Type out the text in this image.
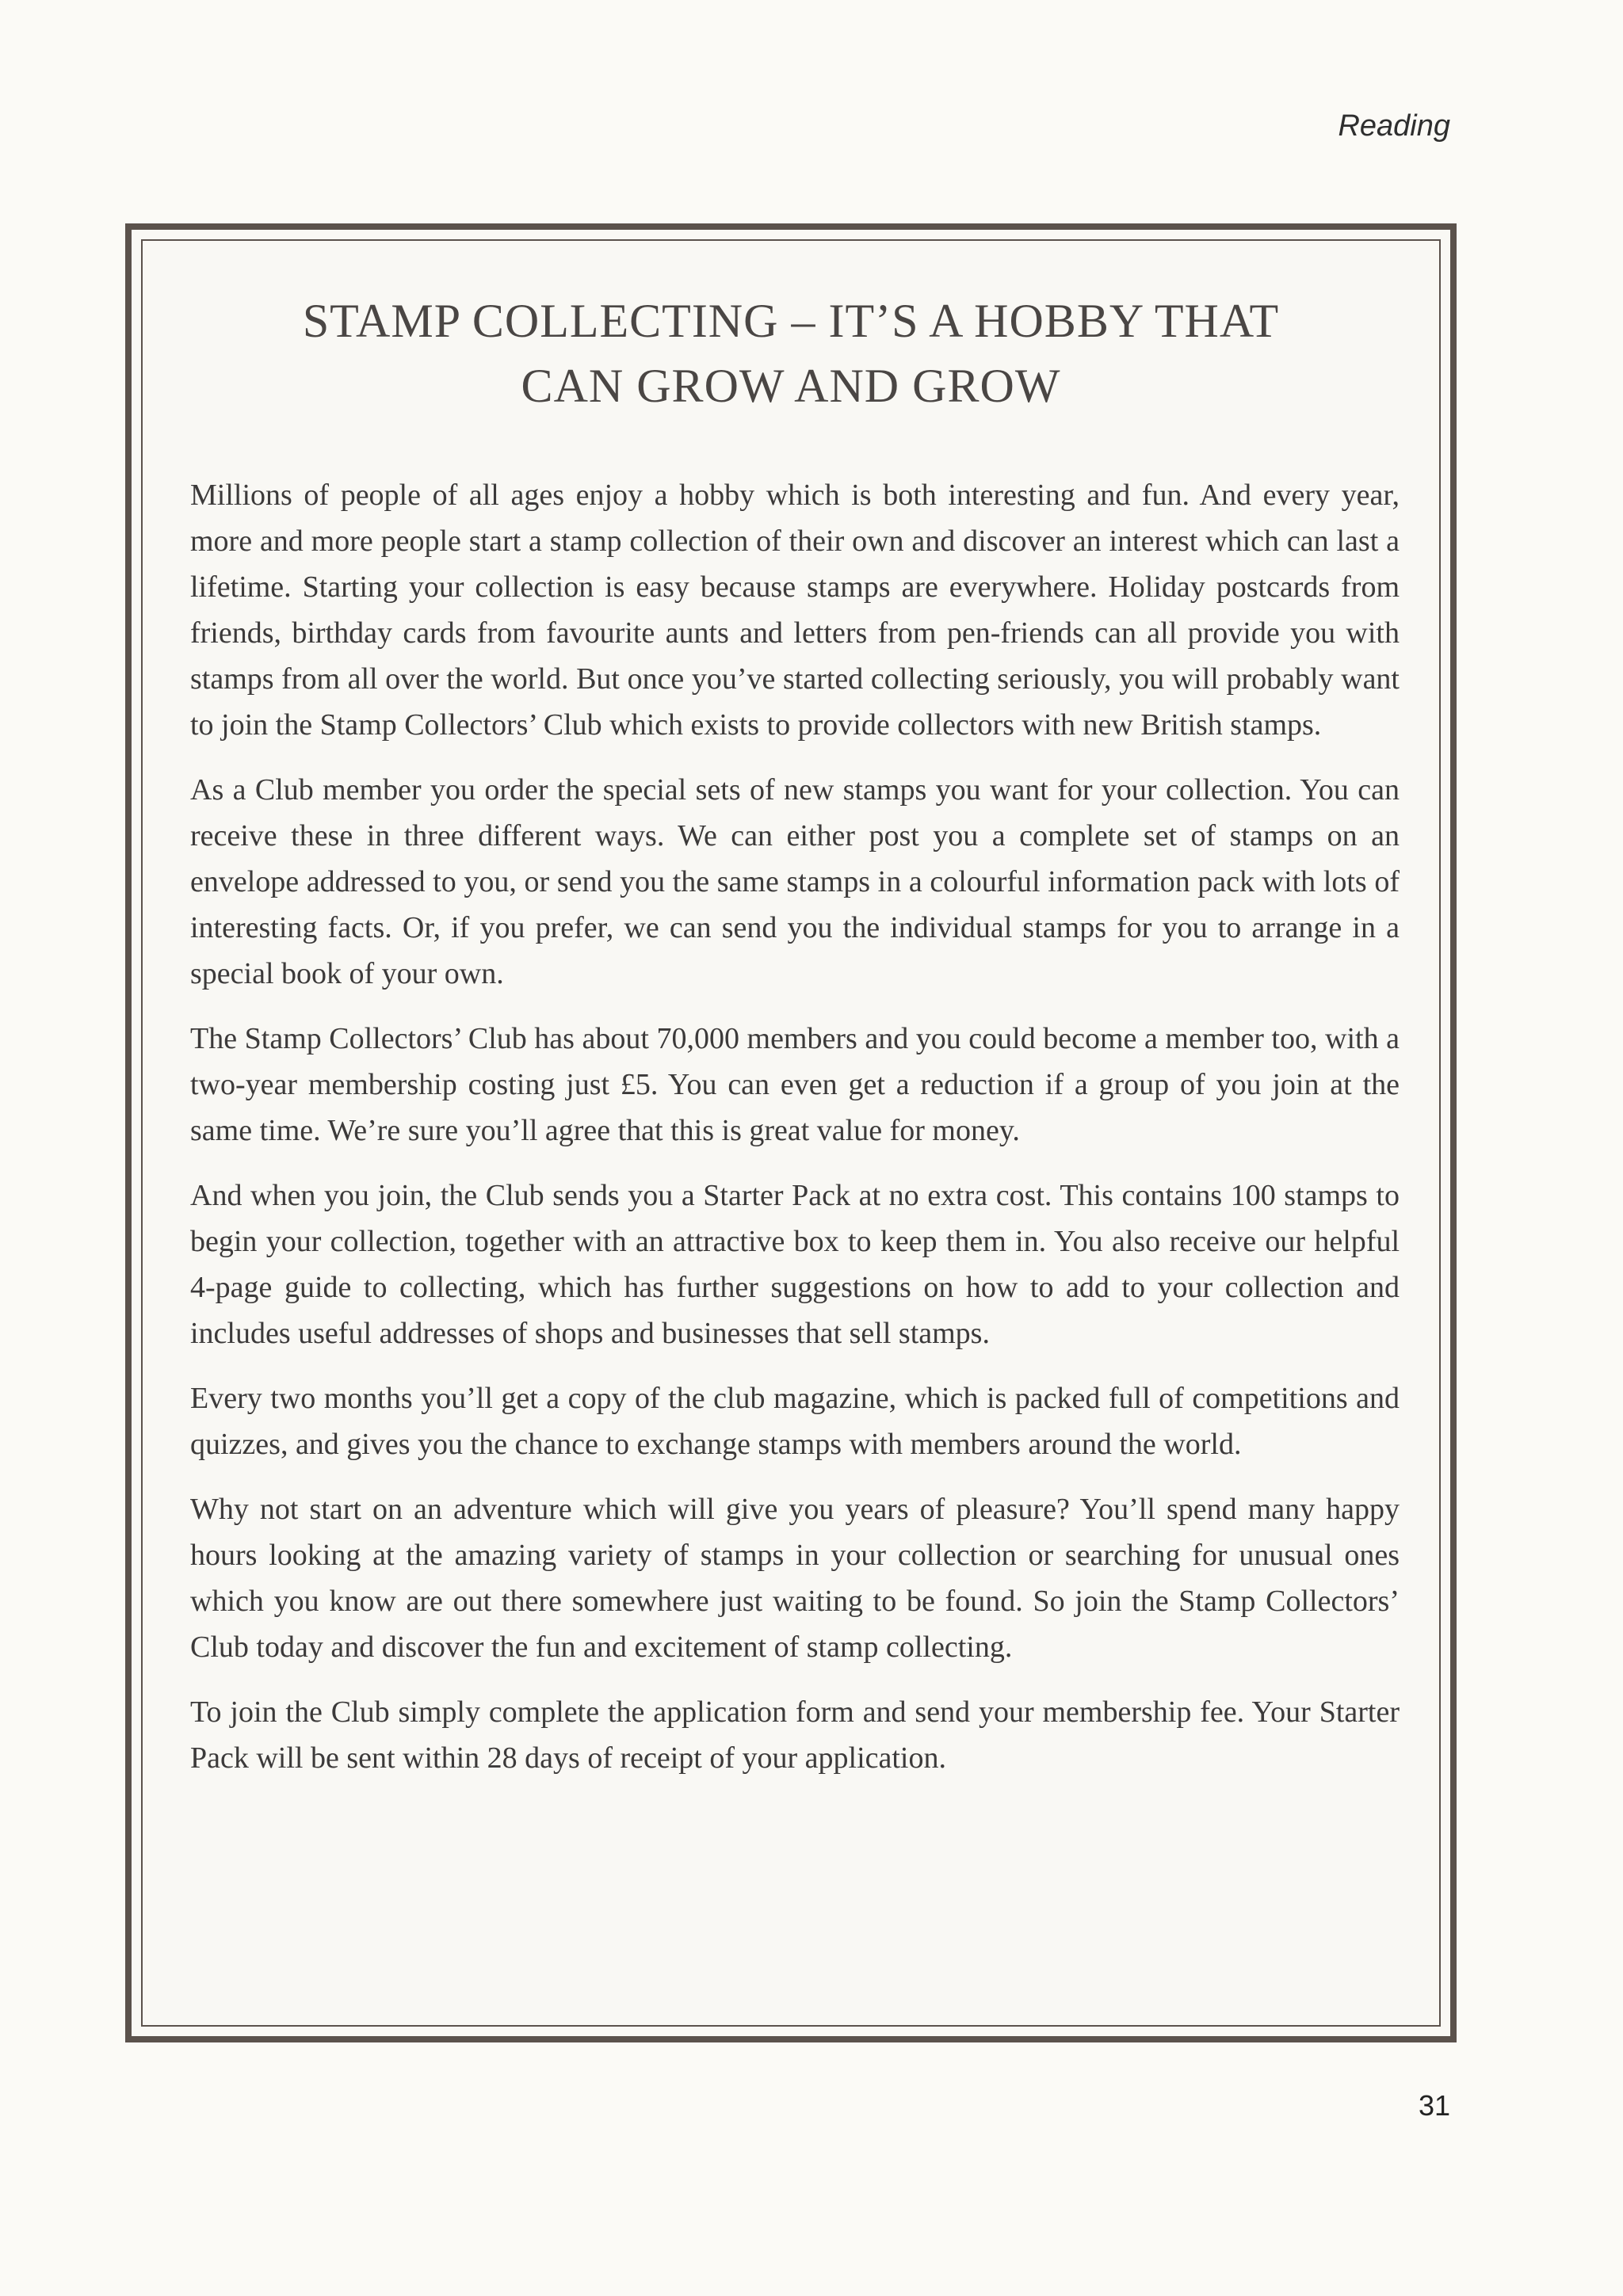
Reading
STAMP COLLECTING – IT’S A HOBBY THAT
CAN GROW AND GROW

Millions of people of all ages enjoy a hobby which is both interesting and fun. And every year, more and more people start a stamp collection of their own and discover an interest which can last a lifetime. Starting your collection is easy because stamps are everywhere. Holiday postcards from friends, birthday cards from favourite aunts and letters from pen-friends can all provide you with stamps from all over the world. But once you’ve started collecting seriously, you will probably want to join the Stamp Collectors’ Club which exists to provide collectors with new British stamps.

As a Club member you order the special sets of new stamps you want for your collection. You can receive these in three different ways. We can either post you a complete set of stamps on an envelope addressed to you, or send you the same stamps in a colourful information pack with lots of interesting facts. Or, if you prefer, we can send you the individual stamps for you to arrange in a special book of your own.

The Stamp Collectors’ Club has about 70,000 members and you could become a member too, with a two-year membership costing just £5. You can even get a reduction if a group of you join at the same time. We’re sure you’ll agree that this is great value for money.

And when you join, the Club sends you a Starter Pack at no extra cost. This contains 100 stamps to begin your collection, together with an attractive box to keep them in. You also receive our helpful 4-page guide to collecting, which has further suggestions on how to add to your collection and includes useful addresses of shops and businesses that sell stamps.

Every two months you’ll get a copy of the club magazine, which is packed full of competitions and quizzes, and gives you the chance to exchange stamps with members around the world.

Why not start on an adventure which will give you years of pleasure? You’ll spend many happy hours looking at the amazing variety of stamps in your collection or searching for unusual ones which you know are out there somewhere just waiting to be found. So join the Stamp Collectors’ Club today and discover the fun and excitement of stamp collecting.

To join the Club simply complete the application form and send your membership fee. Your Starter Pack will be sent within 28 days of receipt of your application.

31
